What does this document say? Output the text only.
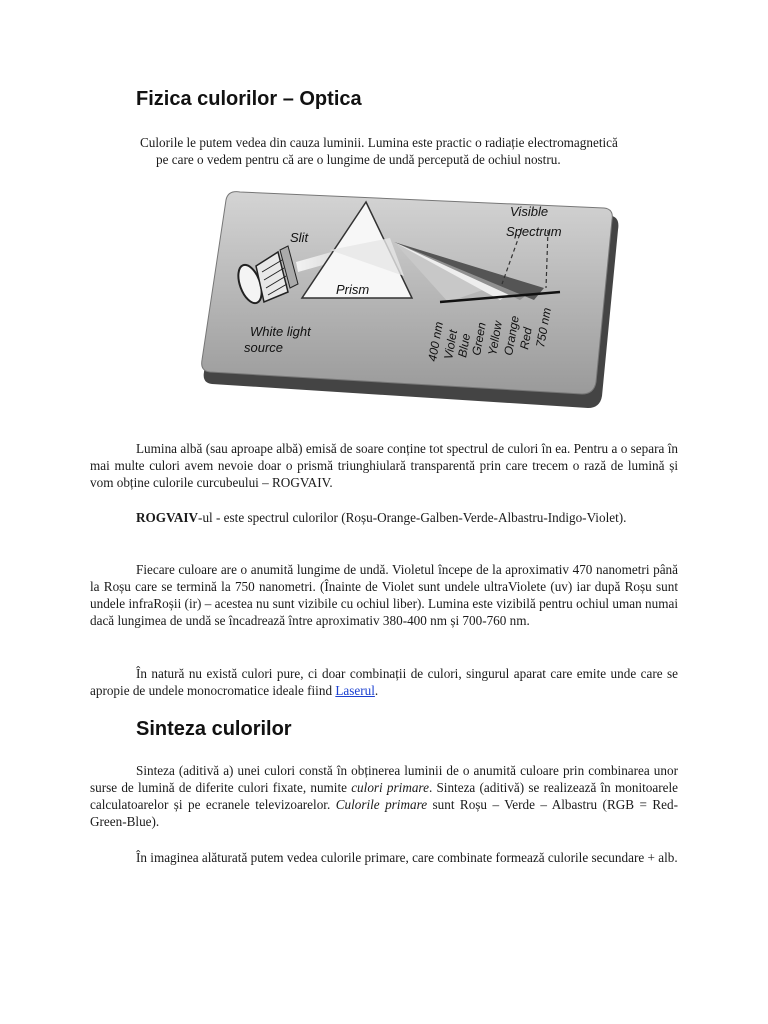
Fizica culorilor – Optica
Culorile le putem vedea din cauza luminii. Lumina este practic o radiație electromagnetică
pe care o vedem pentru că are o lungime de undă percepută de ochiul nostru.
Slit
Prism
White light
source
Visible
Spectrum
400 nm
Violet
Blue
Green
Yellow
Orange
Red
750 nm

Lumina albă (sau aproape albă) emisă de soare conține tot spectrul de culori în ea. Pentru a o separa în mai multe culori avem nevoie doar o prismă triunghiulară transparentă prin care trecem o rază de lumină și vom obține culorile curcubeului – ROGVAIV.

ROGVAIV-ul - este spectrul culorilor (Roșu-Orange-Galben-Verde-Albastru-Indigo-Violet).

Fiecare culoare are o anumită lungime de undă. Violetul începe de la aproximativ 470 nanometri până la Roșu care se termină la 750 nanometri. (Înainte de Violet sunt undele ultraViolete (uv) iar după Roșu sunt undele infraRoșii (ir) – acestea nu sunt vizibile cu ochiul liber). Lumina este vizibilă pentru ochiul uman numai dacă lungimea de undă se încadrează între aproximativ 380-400 nm și 700-760 nm.

În natură nu există culori pure, ci doar combinații de culori, singurul aparat care emite unde care se apropie de undele monocromatice ideale fiind Laserul.

Sinteza culorilor

Sinteza (aditivă a) unei culori constă în obținerea luminii de o anumită culoare prin combinarea unor surse de lumină de diferite culori fixate, numite culori primare. Sinteza (aditivă) se realizează în monitoarele calculatoarelor și pe ecranele televizoarelor. Culorile primare sunt Roșu – Verde – Albastru (RGB = Red-Green-Blue).

În imaginea alăturată putem vedea culorile primare, care combinate formează culorile secundare + alb.
